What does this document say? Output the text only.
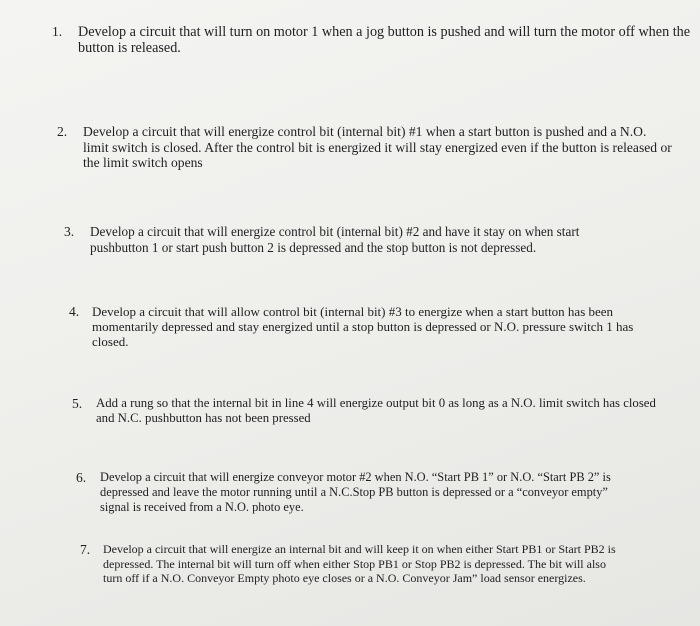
1. Develop a circuit that will turn on motor 1 when a jog button is pushed and will turn the motor off when the button is released.
2. Develop a circuit that will energize control bit (internal bit) #1 when a start button is pushed and a N.O. limit switch is closed. After the control bit is energized it will stay energized even if the button is released or the limit switch opens
3. Develop a circuit that will energize control bit (internal bit) #2 and have it stay on when start pushbutton 1 or start push button 2 is depressed and the stop button is not depressed.
4. Develop a circuit that will allow control bit (internal bit) #3 to energize when a start button has been momentarily depressed and stay energized until a stop button is depressed or N.O. pressure switch 1 has closed.
5. Add a rung so that the internal bit in line 4 will energize output bit 0 as long as a N.O. limit switch has closed and N.C. pushbutton has not been pressed
6. Develop a circuit that will energize conveyor motor #2 when N.O. “Start PB 1” or N.O. “Start PB 2” is depressed and leave the motor running until a N.C.Stop PB button is depressed or a “conveyor empty” signal is received from a N.O. photo eye.
7. Develop a circuit that will energize an internal bit and will keep it on when either Start PB1 or Start PB2 is depressed. The internal bit will turn off when either Stop PB1 or Stop PB2 is depressed. The bit will also turn off if a N.O. Conveyor Empty photo eye closes or a N.O. Conveyor Jam” load sensor energizes.
